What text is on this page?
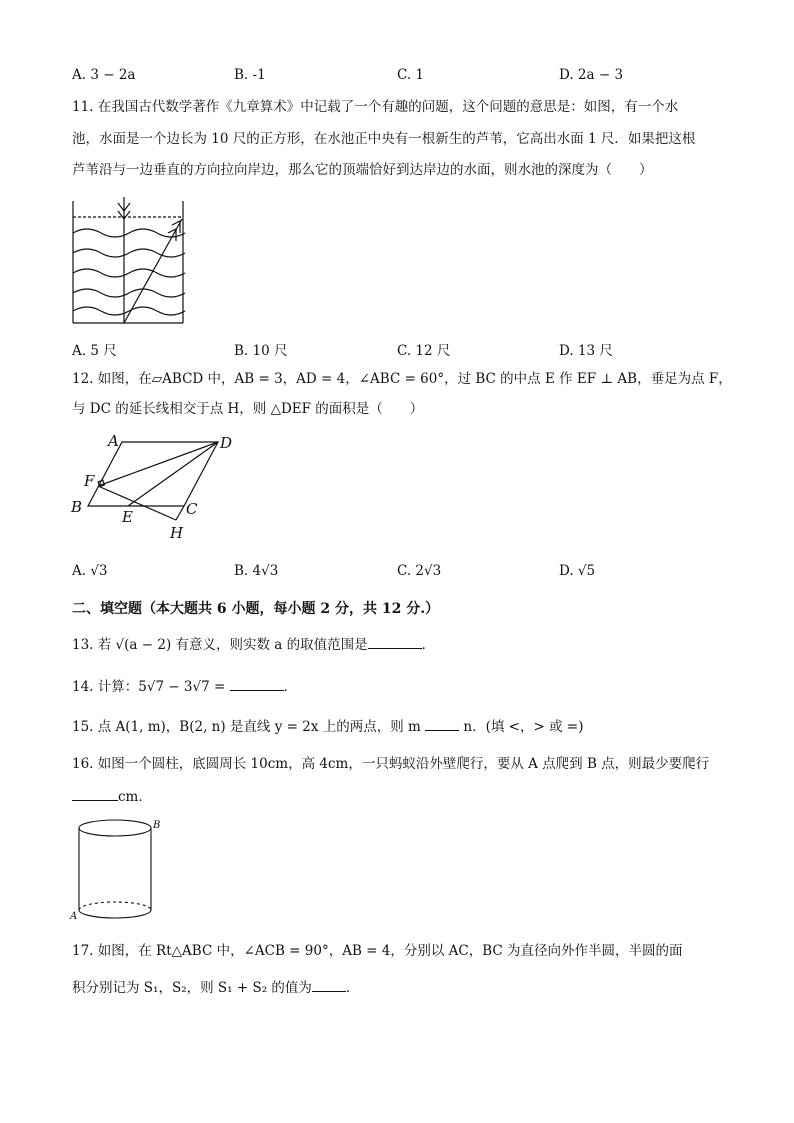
A. 3 − 2a	B. -1	C. 1	D. 2a − 3
11. 在我国古代数学著作《九章算术》中记载了一个有趣的问题，这个问题的意思是：如图，有一个水
池，水面是一个边长为 10 尺的正方形，在水池正中央有一根新生的芦苇，它高出水面 1 尺．如果把这根
芦苇沿与一边垂直的方向拉向岸边，那么它的顶端恰好到达岸边的水面，则水池的深度为（　　）
A. 5 尺	B. 10 尺	C. 12 尺	D. 13 尺
12. 如图，在▱ABCD 中，AB = 3，AD = 4，∠ABC = 60°，过 BC 的中点 E 作 EF ⊥ AB，垂足为点 F，
与 DC 的延长线相交于点 H，则 △DEF 的面积是（　　）
A	D
F
B
E	C
H
A. √3	B. 4√3	C. 2√3	D. √5
二、填空题（本大题共 6 小题，每小题 2 分，共 12 分.）
13. 若 √(a − 2) 有意义，则实数 a 的取值范围是	．
14. 计算：5√7 − 3√7 =	．
15. 点 A(1, m)，B(2, n) 是直线 y = 2x 上的两点，则 m	n．(填 <，> 或 =)
16. 如图一个圆柱，底圆周长 10cm，高 4cm，一只蚂蚁沿外壁爬行，要从 A 点爬到 B 点，则最少要爬行
cm．
B
A
17. 如图，在 Rt△ABC 中，∠ACB = 90°，AB = 4，分别以 AC，BC 为直径向外作半圆，半圆的面
积分别记为 S₁，S₂，则 S₁ + S₂ 的值为	．
